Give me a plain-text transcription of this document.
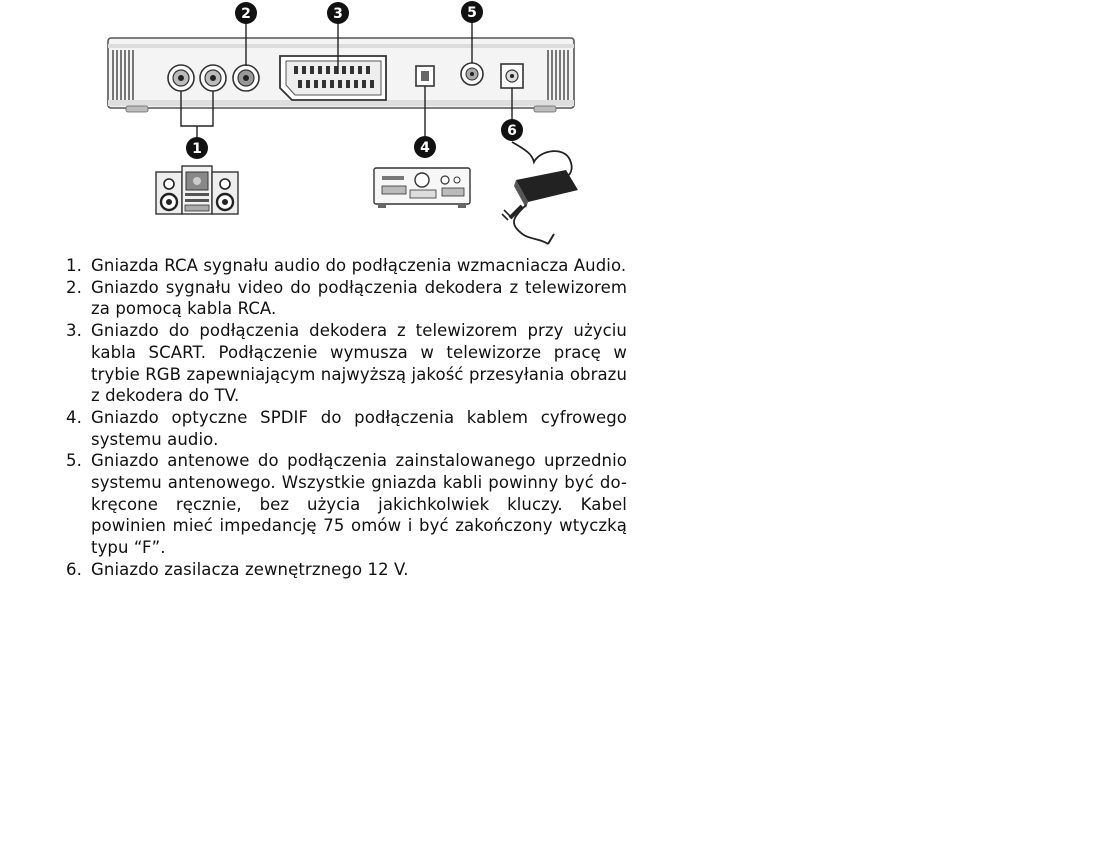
2	3	5
1	4
6
1. Gniazda RCA sygnału audio do podłączenia wzmacniacza Audio.
2. Gniazdo sygnału video do podłączenia dekodera z telewizorem za pomocą kabla RCA.
3. Gniazdo do podłączenia dekodera z telewizorem przy użyciu kabla SCART. Podłączenie wymusza w telewizorze pracę w trybie RGB zapewniającym najwyższą jakość przesyłania obrazu z dekodera do TV.
4. Gniazdo optyczne SPDIF do podłączenia kablem cyfrowego systemu audio.
5. Gniazdo antenowe do podłączenia zainstalowanego uprzednio systemu antenowego. Wszystkie gniazda kabli powinny być do-kręcone ręcznie, bez użycia jakichkolwiek kluczy. Kabel powinien mieć impedancję 75 omów i być zakończony wtyczką typu “F”.
6. Gniazdo zasilacza zewnętrznego 12 V.
